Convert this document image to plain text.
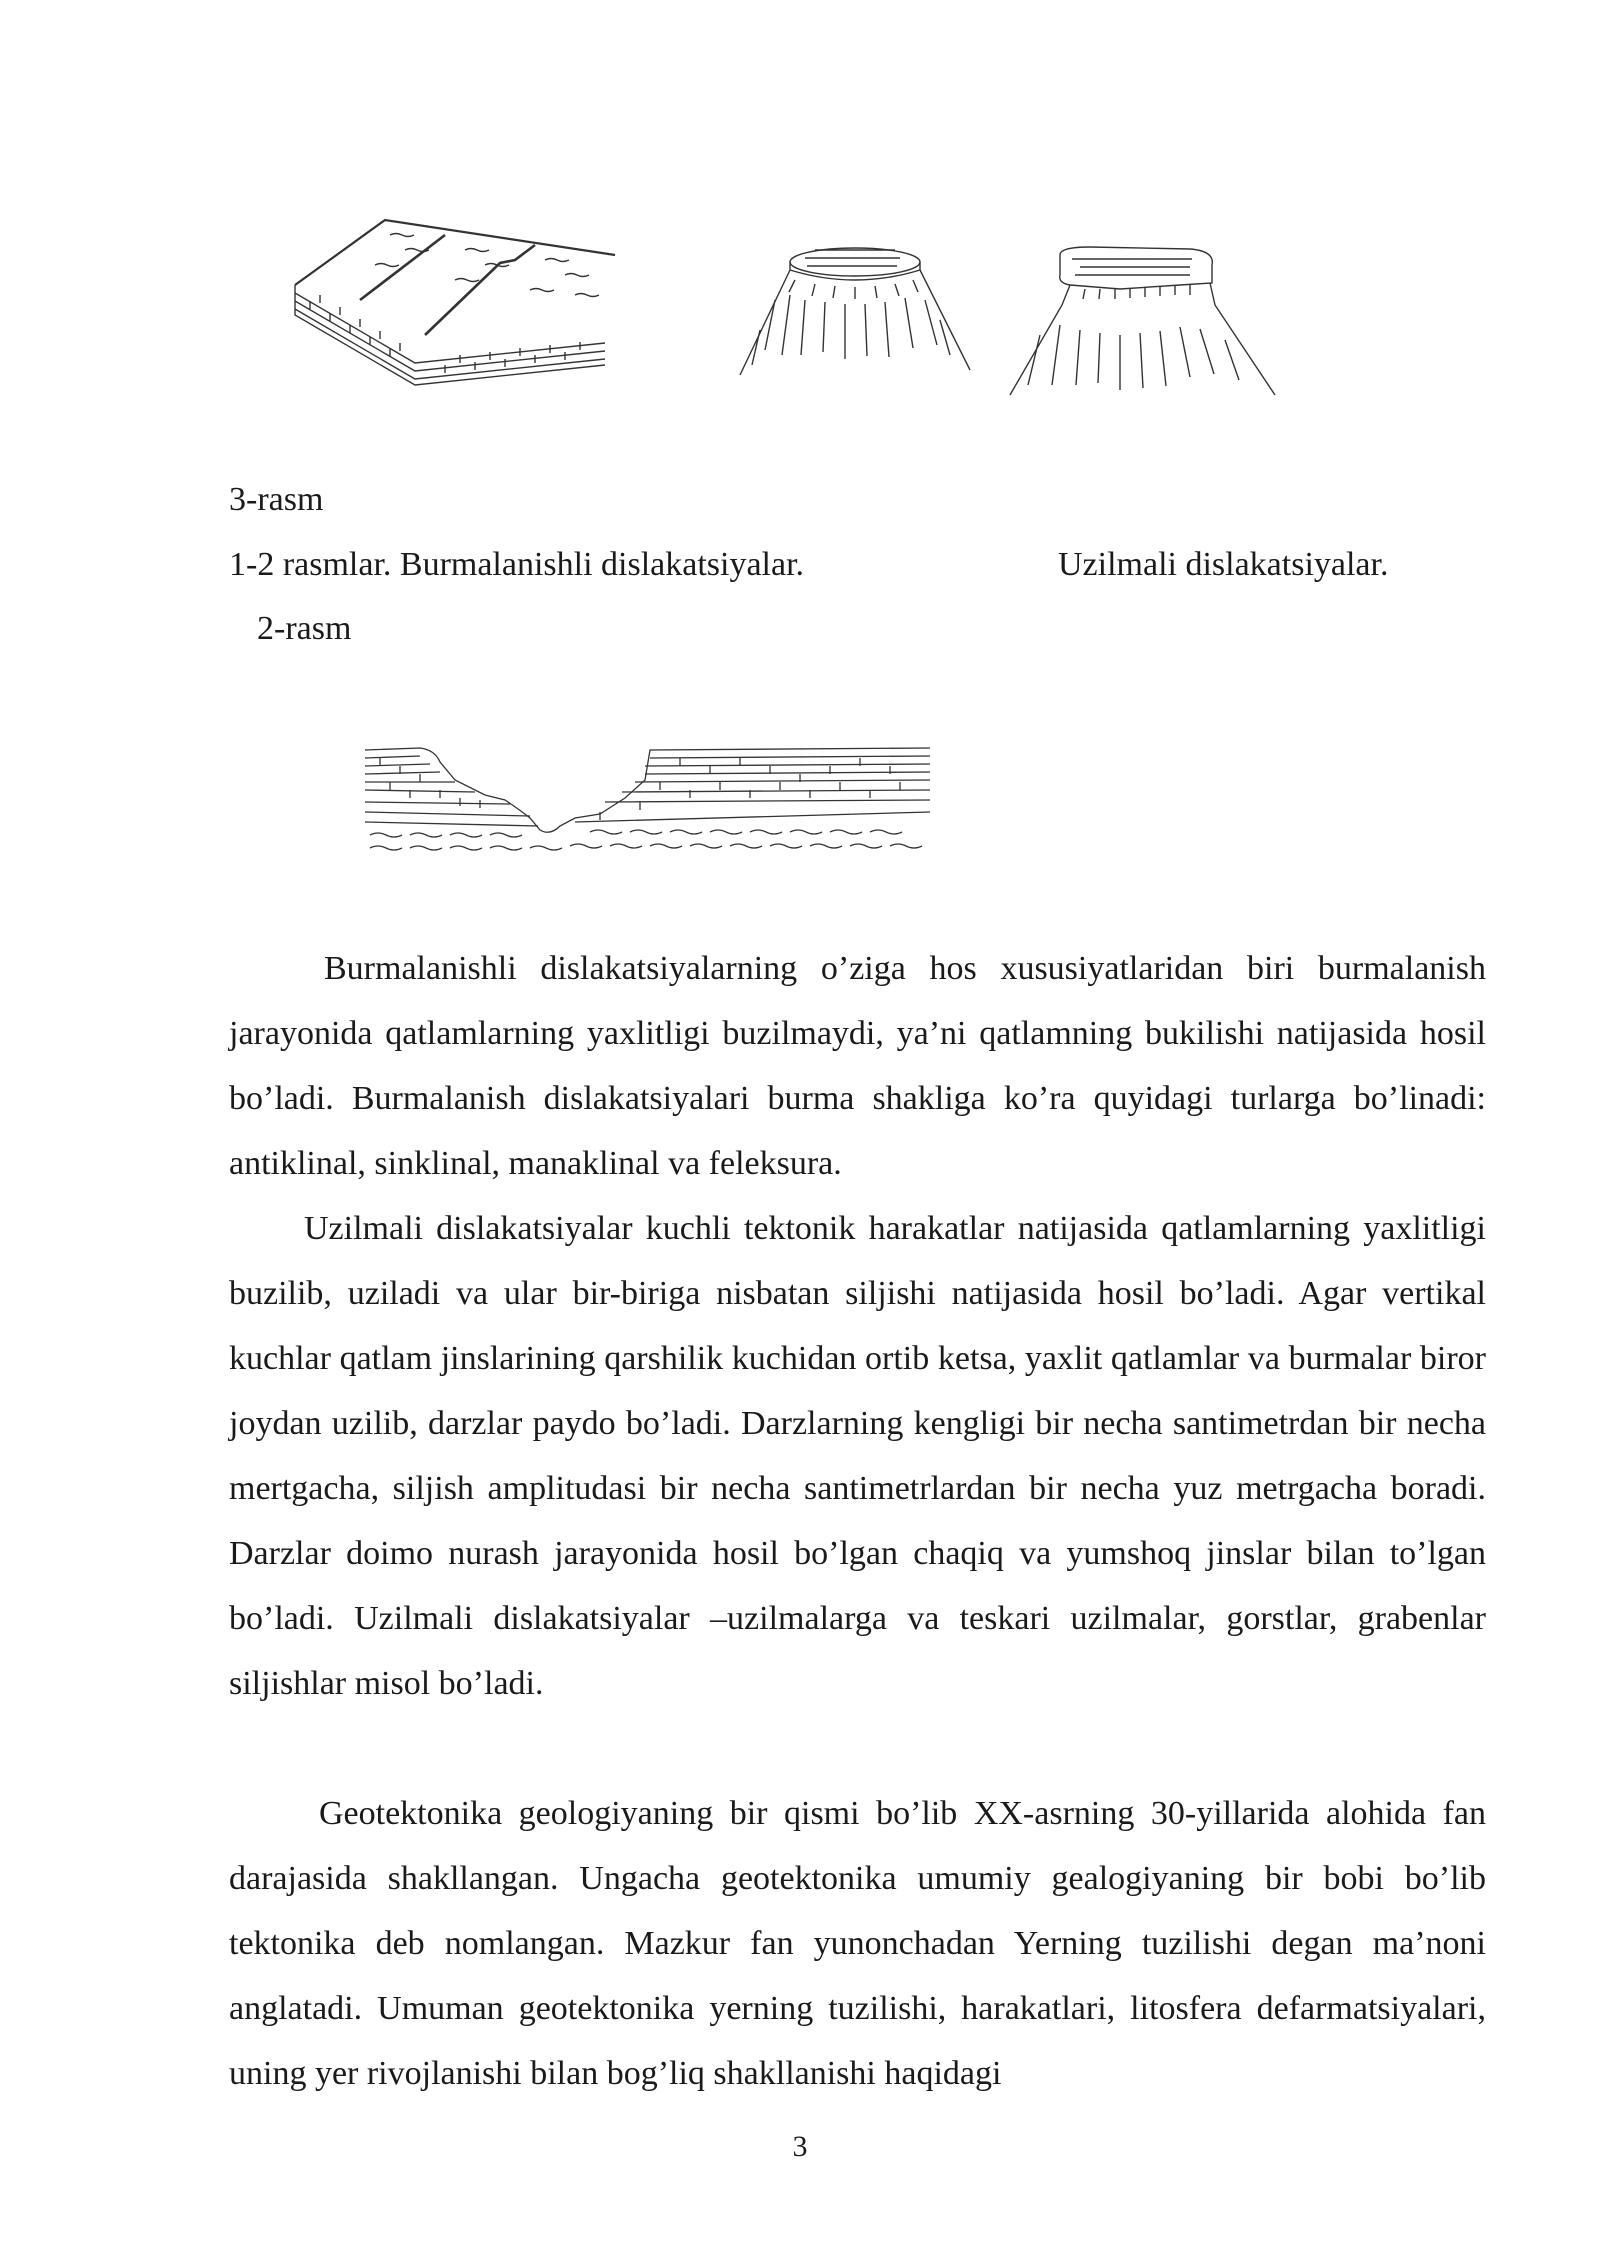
3-rasm
1-2 rasmlar. Burmalanishli dislakatsiyalar.	Uzilmali dislakatsiyalar.
2-rasm

Burmalanishli dislakatsiyalarning o’ziga hos xususiyatlaridan biri burmalanish jarayonida qatlamlarning yaxlitligi buzilmaydi, ya’ni qatlamning bukilishi natijasida hosil bo’ladi. Burmalanish dislakatsiyalari burma shakliga ko’ra quyidagi turlarga bo’linadi: antiklinal, sinklinal, manaklinal va feleksura.

Uzilmali dislakatsiyalar kuchli tektonik harakatlar natijasida qatlamlarning yaxlitligi buzilib, uziladi va ular bir-biriga nisbatan siljishi natijasida hosil bo’ladi. Agar vertikal kuchlar qatlam jinslarining qarshilik kuchidan ortib ketsa, yaxlit qatlamlar va burmalar biror joydan uzilib, darzlar paydo bo’ladi. Darzlarning kengligi bir necha santimetrdan bir necha mertgacha, siljish amplitudasi bir necha santimetrlardan bir necha yuz metrgacha boradi. Darzlar doimo nurash jarayonida hosil bo’lgan chaqiq va yumshoq jinslar bilan to’lgan bo’ladi. Uzilmali dislakatsiyalar –uzilmalarga va teskari uzilmalar, gorstlar, grabenlar siljishlar misol bo’ladi.

Geotektonika geologiyaning bir qismi bo’lib XX-asrning 30-yillarida alohida fan darajasida shakllangan. Ungacha geotektonika umumiy gealogiyaning bir bobi bo’lib tektonika deb nomlangan. Mazkur fan yunonchadan Yerning tuzilishi degan ma’noni anglatadi. Umuman geotektonika yerning tuzilishi, harakatlari, litosfera defarmatsiyalari, uning yer rivojlanishi bilan bog’liq shakllanishi haqidagi

3
